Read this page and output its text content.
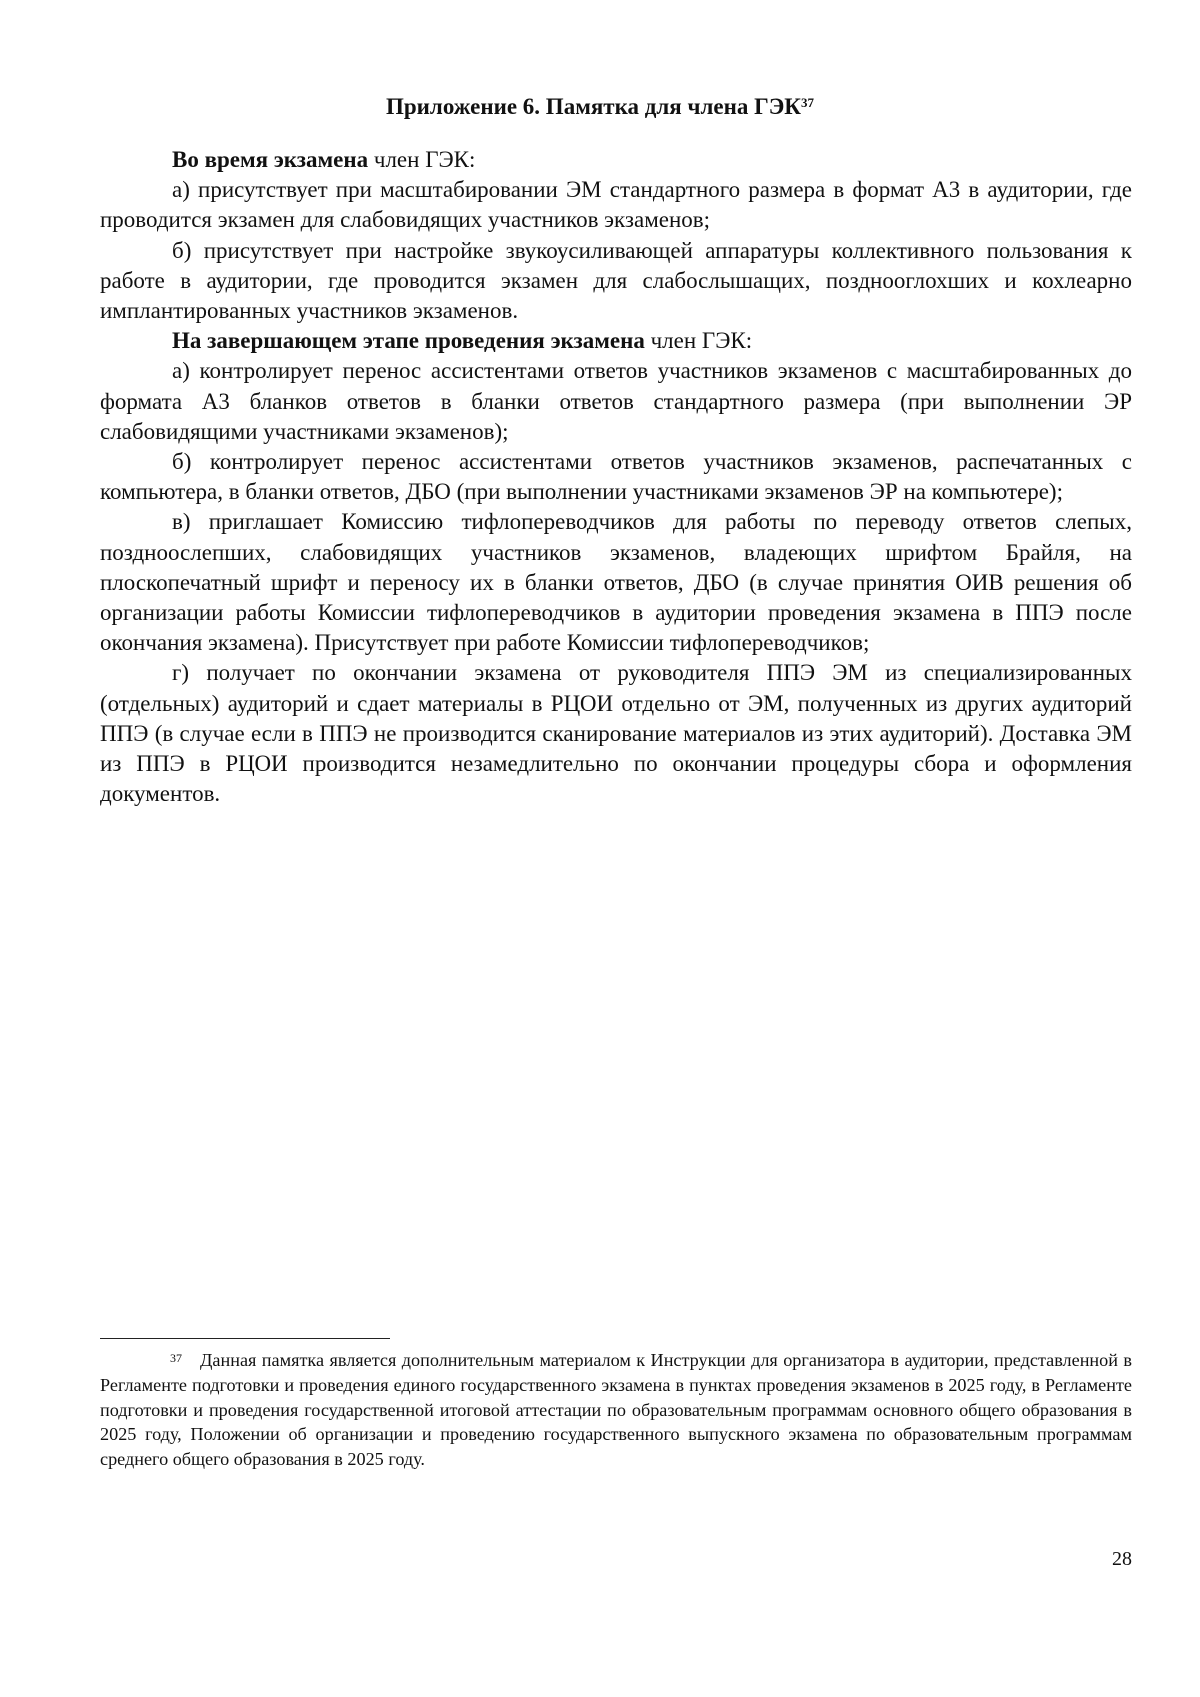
Приложение 6. Памятка для члена ГЭК$^{37}$

Во время экзамена член ГЭК:

а) присутствует при масштабировании ЭМ стандартного размера в формат А3 в аудитории, где проводится экзамен для слабовидящих участников экзаменов;

б) присутствует при настройке звукоусиливающей аппаратуры коллективного пользования к работе в аудитории, где проводится экзамен для слабослышащих, позднооглохших и кохлеарно имплантированных участников экзаменов.

На завершающем этапе проведения экзамена член ГЭК:

а) контролирует перенос ассистентами ответов участников экзаменов с масштабированных до формата А3 бланков ответов в бланки ответов стандартного размера (при выполнении ЭР слабовидящими участниками экзаменов);

б) контролирует перенос ассистентами ответов участников экзаменов, распечатанных с компьютера, в бланки ответов, ДБО (при выполнении участниками экзаменов ЭР на компьютере);

в) приглашает Комиссию тифлопереводчиков для работы по переводу ответов слепых, поздноослепших, слабовидящих участников экзаменов, владеющих шрифтом Брайля, на плоскопечатный шрифт и переносу их в бланки ответов, ДБО (в случае принятия ОИВ решения об организации работы Комиссии тифлопереводчиков в аудитории проведения экзамена в ППЭ после окончания экзамена). Присутствует при работе Комиссии тифлопереводчиков;

г) получает по окончании экзамена от руководителя ППЭ ЭМ из специализированных (отдельных) аудиторий и сдает материалы в РЦОИ отдельно от ЭМ, полученных из других аудиторий ППЭ (в случае если в ППЭ не производится сканирование материалов из этих аудиторий). Доставка ЭМ из ППЭ в РЦОИ производится незамедлительно по окончании процедуры сбора и оформления документов.

$^{37}$ Данная памятка является дополнительным материалом к Инструкции для организатора в аудитории, представленной в Регламенте подготовки и проведения единого государственного экзамена в пунктах проведения экзаменов в 2025 году, в Регламенте подготовки и проведения государственной итоговой аттестации по образовательным программам основного общего образования в 2025 году, Положении об организации и проведению государственного выпускного экзамена по образовательным программам среднего общего образования в 2025 году.
28
